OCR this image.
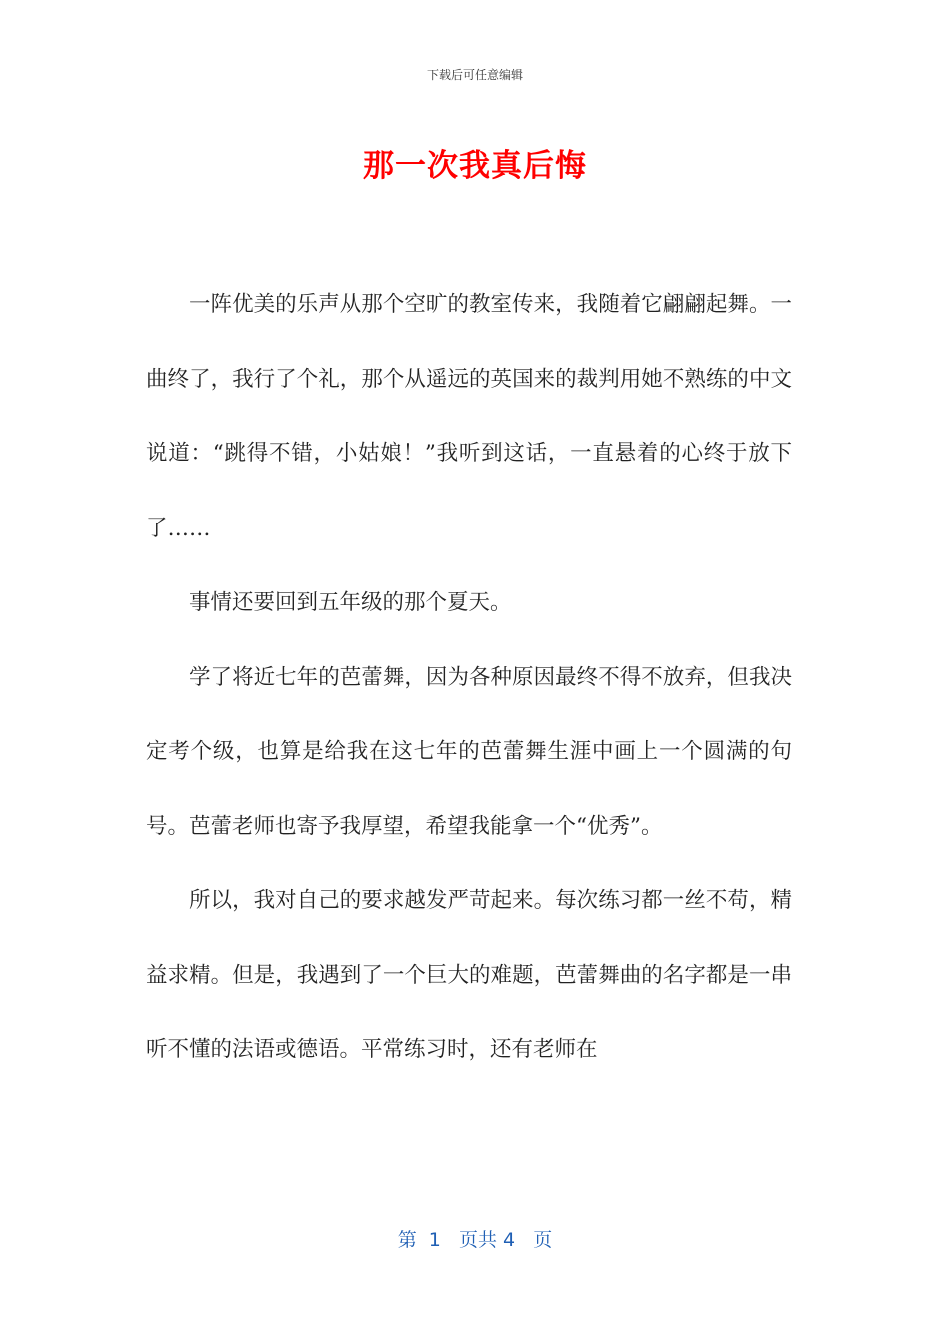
下载后可任意编辑
那一次我真后悔

一阵优美的乐声从那个空旷的教室传来，我随着它翩翩起舞。一曲终了，我行了个礼，那个从遥远的英国来的裁判用她不熟练的中文说道：“跳得不错，小姑娘！”我听到这话，一直悬着的心终于放下了……

事情还要回到五年级的那个夏天。

学了将近七年的芭蕾舞，因为各种原因最终不得不放弃，但我决定考个级，也算是给我在这七年的芭蕾舞生涯中画上一个圆满的句号。芭蕾老师也寄予我厚望，希望我能拿一个“优秀”。

所以，我对自己的要求越发严苛起来。每次练习都一丝不苟，精益求精。但是，我遇到了一个巨大的难题，芭蕾舞曲的名字都是一串听不懂的法语或德语。平常练习时，还有老师在

第  1   页共 4   页
